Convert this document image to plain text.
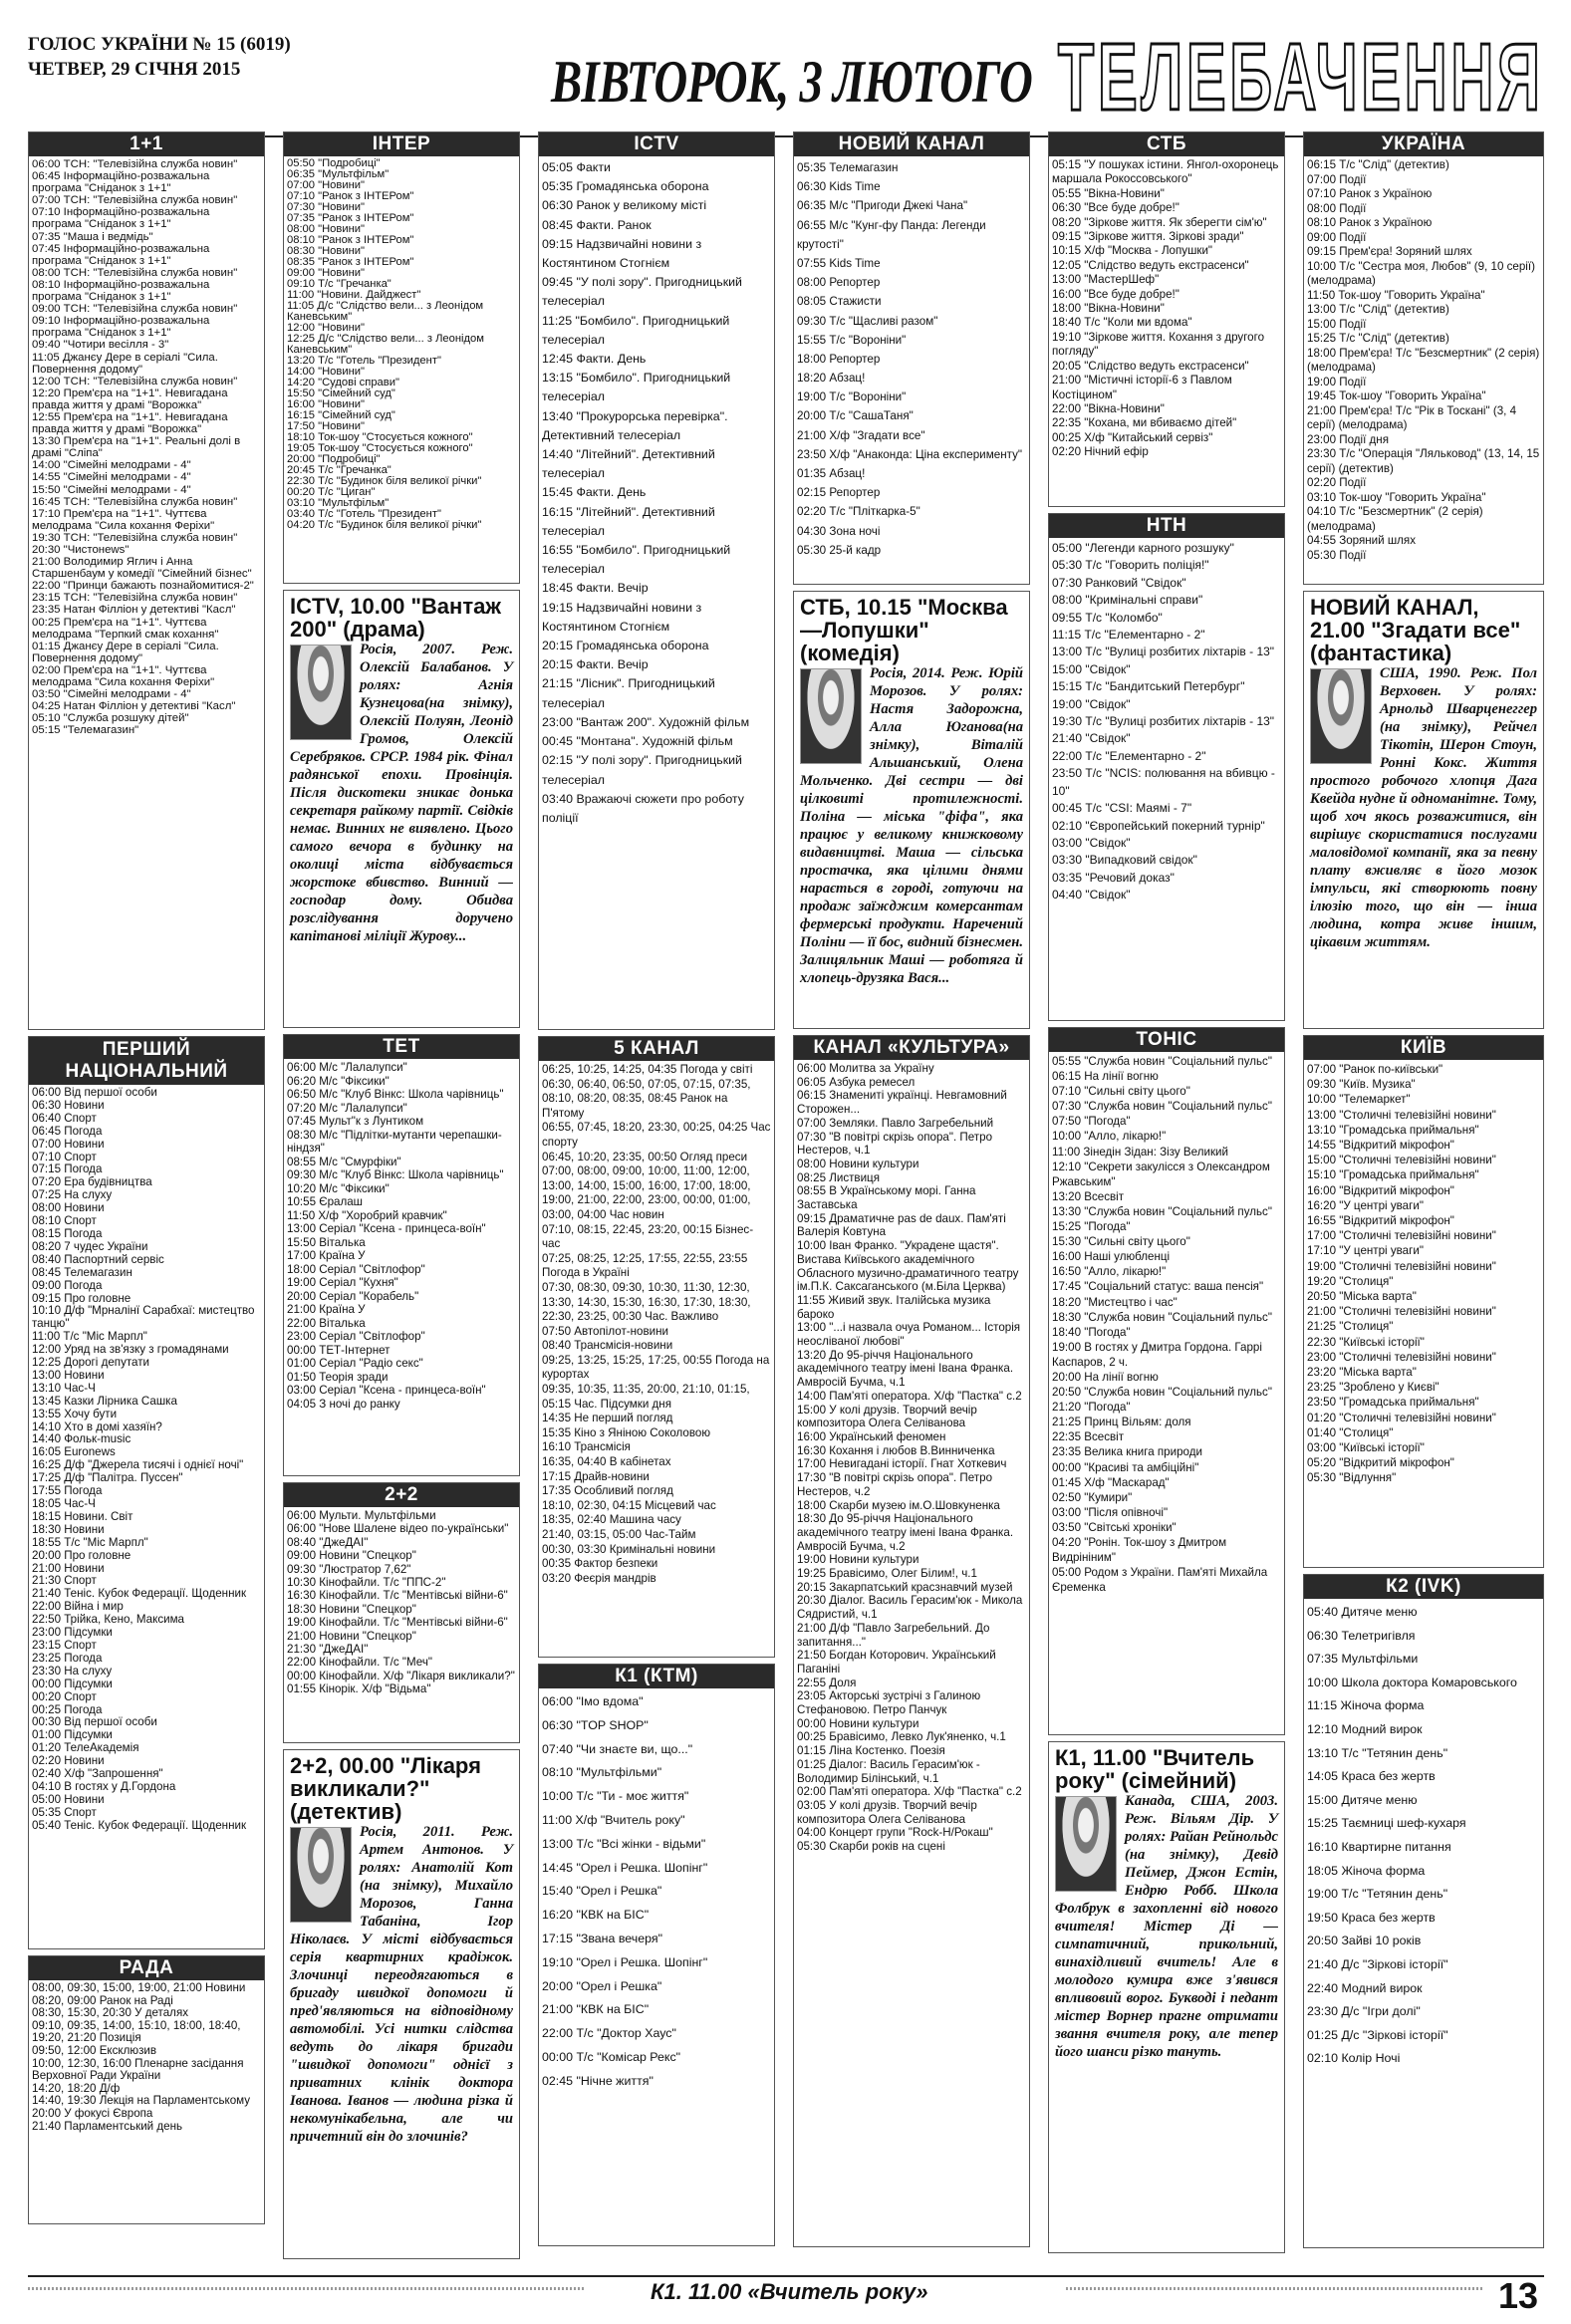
ГОЛОС УКРАЇНИ № 15 (6019)
ЧЕТВЕР, 29 СІЧНЯ 2015	ВІВТОРОК, 3 ЛЮТОГО ТЕЛЕБАЧЕННЯ
1+1
06:00 ТСН: "Телевізійна служба новин"
06:45 Інформаційно-розважальна програма "Сніданок з 1+1"
07:00 ТСН: "Телевізійна служба новин"
07:10 Інформаційно-розважальна програма "Сніданок з 1+1"
07:35 "Маша і ведмідь"
07:45 Інформаційно-розважальна програма "Сніданок з 1+1"
08:00 ТСН: "Телевізійна служба новин"
08:10 Інформаційно-розважальна програма "Сніданок з 1+1"
09:00 ТСН: "Телевізійна служба новин"
09:10 Інформаційно-розважальна програма "Сніданок з 1+1"
09:40 "Чотири весілля - 3"
11:05 Джанєу Дере в серіалі "Сила. Повернення додому"
12:00 ТСН: "Телевізійна служба новин"
12:20 Прем'єра на "1+1". Невигадана правда життя у драмі "Ворожка"
12:55 Прем'єра на "1+1". Невигадана правда життя у драмі "Ворожка"
13:30 Прем'єра на "1+1". Реальні долі в драмі "Сліпа"
14:00 "Сімейні мелодрами - 4"
14:55 "Сімейні мелодрами - 4"
15:50 "Сімейні мелодрами - 4"
16:45 ТСН: "Телевізійна служба новин"
17:10 Прем'єра на "1+1". Чуттєва мелодрама "Сила кохання Феріхи"
19:30 ТСН: "Телевізійна служба новин"
20:30 "Чистонews"
21:00 Володимир Яглич і Анна Старшенбаум у комедії "Сімейний бізнес"
22:00 "Принци бажають познайомитися-2"
23:15 ТСН: "Телевізійна служба новин"
23:35 Натан Філліон у детективі "Касл"
00:25 Прем'єра на "1+1". Чуттєва мелодрама "Терпкий смак кохання"
01:15 Джанєу Дере в серіалі "Сила. Повернення додому"
02:00 Прем'єра на "1+1". Чуттєва мелодрама "Сила кохання Феріхи"
03:50 "Сімейні мелодрами - 4"
04:25 Натан Філліон у детективі "Касл"
05:10 "Служба розшуку дітей"
05:15 "Телемагазин"
ПЕРШИЙ НАЦІОНАЛЬНИЙ
06:00 Від першої особи
06:30 Новини
06:40 Спорт
06:45 Погода
07:00 Новини
07:10 Спорт
07:15 Погода
07:20 Ера будівництва
07:25 На слуху
08:00 Новини
08:10 Спорт
08:15 Погода
08:20 7 чудес України
08:40 Паспортний сервіс
08:45 Телемагазин
09:00 Погода
09:15 Про головне
10:10 Д/ф "Мрналінї Сарабхаї: мистецтво танцю"
11:00 Т/с "Міс Марпл"
12:00 Уряд на зв'язку з громадянами
12:25 Дорогі депутати
13:00 Новини
13:10 Час-Ч
13:45 Казки Лірника Сашка
13:55 Хочу бути
14:10 Хто в домі хазяїн?
14:40 Фольк-music
16:05 Euronews
16:25 Д/ф "Джерела тисячі і однієї ночі"
17:25 Д/ф "Палітра. Пуссен"
17:55 Погода
18:05 Час-Ч
18:15 Новини. Світ
18:30 Новини
18:55 Т/с "Міс Марпл"
20:00 Про головне
21:00 Новини
21:30 Спорт
21:40 Теніс. Кубок Федерації. Щоденник
22:00 Війна і мир
22:50 Трійка, Кено, Максима
23:00 Підсумки
23:15 Спорт
23:25 Погода
23:30 На слуху
00:00 Підсумки
00:20 Спорт
00:25 Погода
00:30 Від першої особи
01:00 Підсумки
01:20 ТелеАкадемія
02:20 Новини
02:40 Х/ф "Запрошення"
04:10 В гостях у Д.Гордона
05:00 Новини
05:35 Спорт
05:40 Теніс. Кубок Федерації. Щоденник
РАДА
08:00, 09:30, 15:00, 19:00, 21:00 Новини
08:20, 09:00 Ранок на Раді
08:30, 15:30, 20:30 У деталях
09:10, 09:35, 14:00, 15:10, 18:00, 18:40, 19:20, 21:20 Позиція
09:50, 12:00 Ексклюзив
10:00, 12:30, 16:00 Пленарне засідання Верховної Ради України
14:20, 18:20 Д/ф
14:40, 19:30 Лекція на Парламентському
20:00 У фокусі Європа
21:40 Парламентський день
ІНТЕР
05:50 "Подробиці"
06:35 "Мультфільм"
07:00 "Новини"
07:10 "Ранок з ІНТЕРом"
07:30 "Новини"
07:35 "Ранок з ІНТЕРом"
08:00 "Новини"
08:10 "Ранок з ІНТЕРом"
08:30 "Новини"
08:35 "Ранок з ІНТЕРом"
09:00 "Новини"
09:10 Т/с "Гречанка"
11:00 "Новини. Дайджест"
11:05 Д/с "Слідство вели... з Леонідом Каневським"
12:00 "Новини"
12:25 Д/с "Слідство вели... з Леонідом Каневським"
13:20 Т/с "Готель "Президент"
14:00 "Новини"
14:20 "Судові справи"
15:50 "Сімейний суд"
16:00 "Новини"
16:15 "Сімейний суд"
17:50 "Новини"
18:10 Ток-шоу "Стосується кожного"
19:05 Ток-шоу "Стосується кожного"
20:00 "Подробиці"
20:45 Т/с "Гречанка"
22:30 Т/с "Будинок біля великої річки"
00:20 Т/с "Циган"
03:10 "Мультфільм"
03:40 Т/с "Готель "Президент"
04:20 Т/с "Будинок біля великої річки"
ICTV, 10.00 "Вантаж 200" (драма)
Росія, 2007. Реж. Олексій Балабанов. У ролях: Агнія Кузнецова(на знімку), Олексій Полуян, Леонід Громов, Олексій Серебряков. СРСР. 1984 рік. Фінал радянської епохи. Провінція. Після дискотеки зникає донька секретаря райкому партії. Свідків немає. Винних не виявлено. Цього самого вечора в будинку на околиці міста відбувається жорстоке вбивство. Винний — господар дому. Обидва розслідування доручено капітанові міліції Журову...
ТЕТ
06:00 М/с "Лалалупси"
06:20 М/с "Фіксики"
06:50 М/с "Клуб Вінкс: Школа чарівниць"
07:20 М/с "Лалалупси"
07:45 Мульт"к з Лунтиком
08:30 М/с "Підлітки-мутанти черепашки-ніндзя"
08:55 М/с "Смурфіки"
09:30 М/с "Клуб Вінкс: Школа чарівниць"
10:20 М/с "Фіксики"
10:55 Єралаш
11:50 Х/ф "Хоробрий кравчик"
13:00 Серіал "Ксена - принцеса-воїн"
15:50 Віталька
17:00 Країна У
18:00 Серіал "Світлофор"
19:00 Серіал "Кухня"
20:00 Серіал "Корабель"
21:00 Країна У
22:00 Віталька
23:00 Серіал "Світлофор"
00:00 ТЕТ-Інтернет
01:00 Серіал "Радіо секс"
01:50 Теорія зради
03:00 Серіал "Ксена - принцеса-воїн"
04:05 З ночі до ранку
2+2
06:00 Мульти. Мультфільми
06:00 "Нове Шалене відео по-українськи"
08:40 "ДжеДАІ"
09:00 Новини "Спецкор"
09:30 "Люстратор 7,62"
10:30 Кінофайли. Т/с "ППС-2"
16:30 Кінофайли. Т/с "Ментівські війни-6"
18:30 Новини "Спецкор"
19:00 Кінофайли. Т/с "Ментівські війни-6"
21:00 Новини "Спецкор"
21:30 "ДжеДАІ"
22:00 Кінофайли. Т/с "Меч"
00:00 Кінофайли. Х/ф "Лікаря викликали?"
01:55 Кінорік. Х/ф "Відьма"
2+2, 00.00 "Лікаря викликали?" (детектив)
Росія, 2011. Реж. Артем Антонов. У ролях: Анатолій Кот (на знімку), Михайло Морозов, Ганна Табаніна, Ігор Ніколаєв. У місті відбувається серія квартирних крадіжок. Злочинці переодягаються в бригаду швидкої допомоги й пред'являються на відповідному автомобілі. Усі нитки слідства ведуть до лікаря бригади "швидкої допомоги" однієї з приватних клінік доктора Іванова. Іванов — людина різка й некомунікабельна, але чи причетний він до злочинів?
ICTV
05:05 Факти
05:35 Громадянська оборона
06:30 Ранок у великому місті
08:45 Факти. Ранок
09:15 Надзвичайні новини з Костянтином Стогнієм
09:45 "У полі зору". Пригодницький телесеріал
11:25 "Бомбило". Пригодницький телесеріал
12:45 Факти. День
13:15 "Бомбило". Пригодницький телесеріал
13:40 "Прокурорська перевірка". Детективний телесеріал
14:40 "Літейний". Детективний телесеріал
15:45 Факти. День
16:15 "Літейний". Детективний телесеріал
16:55 "Бомбило". Пригодницький телесеріал
18:45 Факти. Вечір
19:15 Надзвичайні новини з Костянтином Стогнієм
20:15 Громадянська оборона
20:15 Факти. Вечір
21:15 "Лісник". Пригодницький телесеріал
23:00 "Вантаж 200". Художній фільм
00:45 "Монтана". Художній фільм
02:15 "У полі зору". Пригодницький телесеріал
03:40 Вражаючі сюжети про роботу поліції
5 КАНАЛ
06:25, 10:25, 14:25, 04:35 Погода у світі
06:30, 06:40, 06:50, 07:05, 07:15, 07:35, 08:10, 08:20, 08:35, 08:45 Ранок на П'ятому
06:55, 07:45, 18:20, 23:30, 00:25, 04:25 Час спорту
06:45, 10:20, 23:35, 00:50 Огляд преси
07:00, 08:00, 09:00, 10:00, 11:00, 12:00, 13:00, 14:00, 15:00, 16:00, 17:00, 18:00, 19:00, 21:00, 22:00, 23:00, 00:00, 01:00, 03:00, 04:00 Час новин
07:10, 08:15, 22:45, 23:20, 00:15 Бізнес-час
07:25, 08:25, 12:25, 17:55, 22:55, 23:55 Погода в Україні
07:30, 08:30, 09:30, 10:30, 11:30, 12:30, 13:30, 14:30, 15:30, 16:30, 17:30, 18:30, 22:30, 23:25, 00:30 Час. Важливо
07:50 Автопілот-новини
08:40 Трансмісія-новини
09:25, 13:25, 15:25, 17:25, 00:55 Погода на курортах
09:35, 10:35, 11:35, 20:00, 21:10, 01:15, 05:15 Час. Підсумки дня
14:35 Не перший погляд
15:35 Кіно з Яніною Соколовою
16:10 Трансмісія
16:35, 04:40 В кабінетах
17:15 Драйв-новини
17:35 Особливий погляд
18:10, 02:30, 04:15 Місцевий час
18:35, 02:40 Машина часу
21:40, 03:15, 05:00 Час-Тайм
00:30, 03:30 Кримінальні новини
00:35 Фактор безпеки
03:20 Феєрія мандрів
К1 (КТМ)
06:00 "Імо вдома"
06:30 "TOP SHOP"
07:40 "Чи знаєте ви, що..."
08:10 "Мультфільми"
10:00 Т/с "Ти - моє життя"
11:00 Х/ф "Вчитель року"
13:00 Т/с "Всі жінки - відьми"
14:45 "Орел і Решка. Шопінг"
15:40 "Орел і Решка"
16:20 "КВК на БІС"
17:15 "Звана вечеря"
19:10 "Орел і Решка. Шопінг"
20:00 "Орел і Решка"
21:00 "КВК на БІС"
22:00 Т/с "Доктор Хаус"
00:00 Т/с "Комісар Рекс"
02:45 "Нічне життя"
НОВИЙ КАНАЛ
05:35 Телемагазин
06:30 Kids Time
06:35 М/с "Пригоди Джекі Чана"
06:55 М/с "Кунг-фу Панда: Легенди крутості"
07:55 Kids Time
08:00 Репортер
08:05 Стажисти
09:30 Т/с "Щасливі разом"
15:55 Т/с "Вороніни"
18:00 Репортер
18:20 Абзац!
19:00 Т/с "Вороніни"
20:00 Т/с "СашаТаня"
21:00 Х/ф "Згадати все"
23:50 Х/ф "Анаконда: Ціна експерименту"
01:35 Абзац!
02:15 Репортер
02:20 Т/с "Пліткарка-5"
04:30 Зона ночі
05:30 25-й кадр
СТБ, 10.15 "Москва—Лопушки" (комедія)
Росія, 2014. Реж. Юрій Морозов. У ролях: Настя Задорожна, Алла Юганова(на знімку), Віталій Альшанський, Олена Мольченко. Дві сестри — дві цілковиті протилежності. Поліна — міська "фіфа", яка працює у великому книжковому видавництві. Маша — сільська простачка, яка цілими днями нарається в городі, готуючи на продаж заїжджим комерсантам фермерські продукти. Наречений Поліни — її бос, видний бізнесмен. Залицяльник Маші — роботяга й хлопець-друзяка Вася...
КАНАЛ «КУЛЬТУРА»
06:00 Молитва за Україну
06:05 Азбука ремесел
06:15 Знамениті українці. Невгамовний Сторожен...
07:00 Земляки. Павло Загребельний
07:30 "В повітрі скрізь опора". Петро Нестеров, ч.1
08:00 Новини культури
08:25 Листвиця
08:55 В Українському морі. Ганна Заставська
09:15 Драматичне pas de daux. Пам'яті Валерія Ковтуна
10:00 Іван Франко. "Украдене щастя". Вистава Київського академічного Обласного музично-драматичного театру ім.П.К. Саксаганського (м.Біла Церква)
11:55 Живий звук. Італійська музика бароко
13:00 "...і назвала очуа Романом... Історія неосліваної любові"
13:20 До 95-річчя Національного академічного театру імені Івана Франка. Амвросій Бучма, ч.1
14:00 Пам'яті оператора. Х/ф "Пастка" с.2
15:00 У колі друзів. Творчий вечір композитора Олега Селіванова
16:00 Український феномен
16:30 Кохання і любов В.Винниченка
17:00 Невигадані історії. Гнат Хоткевич
17:30 "В повітрі скрізь опора". Петро Нестеров, ч.2
18:00 Скарби музею ім.О.Шовкуненка
18:30 До 95-річчя Національного академічного театру імені Івана Франка. Амвросій Бучма, ч.2
19:00 Новини культури
19:25 Бравісимо, Олег Білим!, ч.1
20:15 Закарпатський красзнавчий музей
20:30 Діалог. Василь Герасим'юк - Микола Сядристий, ч.1
21:00 Д/ф "Павло Загребельний. До запитання..."
21:50 Богдан Которович. Український Паганіні
22:55 Доля
23:05 Акторські зустрічі з Галиною Стефановою. Петро Панчук
00:00 Новини культури
00:25 Бравісимо, Левко Лук'яненко, ч.1
01:15 Ліна Костенко. Поезія
01:25 Діалог: Василь Герасим'юк - Володимир Білінський, ч.1
02:00 Пам'яті оператора. Х/ф "Пастка" с.2
03:05 У колі друзів. Творчий вечір композитора Олега Селіванова
04:00 Концерт групи "Rock-Н/Рокаш"
05:30 Скарби років на сцені
СТБ
05:15 "У пошуках істини. Янгол-охоронець маршала Рокоссовського"
05:55 "Вікна-Новини"
06:30 "Все буде добре!"
08:20 "Зіркове життя. Як зберегти сім'ю"
09:15 "Зіркове життя. Зіркові зради"
10:15 Х/ф "Москва - Лопушки"
12:05 "Слідство ведуть екстрасенси"
13:00 "МастерШеф"
16:00 "Все буде добре!"
18:00 "Вікна-Новини"
18:40 Т/с "Коли ми вдома"
19:10 "Зіркове життя. Кохання з другого погляду"
20:05 "Слідство ведуть екстрасенси"
21:00 "Містичні історії-6 з Павлом Костіцином"
22:00 "Вікна-Новини"
22:35 "Кохана, ми вбиваємо дітей"
00:25 Х/ф "Китайський сервіз"
02:20 Нічний ефір
НТН
05:00 "Легенди карного розшуку"
05:30 Т/с "Говорить поліція!"
07:30 Ранковий "Свідок"
08:00 "Кримінальні справи"
09:55 Т/с "Коломбо"
11:15 Т/с "Елементарно - 2"
13:00 Т/с "Вулиці розбитих ліхтарів - 13"
15:00 "Свідок"
15:15 Т/с "Бандитський Петербург"
19:00 "Свідок"
19:30 Т/с "Вулиці розбитих ліхтарів - 13"
21:40 "Свідок"
22:00 Т/с "Елементарно - 2"
23:50 Т/с "NCIS: полювання на вбивцю - 10"
00:45 Т/с "CSI: Маямі - 7"
02:10 "Європейський покерний турнір"
03:00 "Свідок"
03:30 "Випадковий свідок"
03:35 "Речовий доказ"
04:40 "Свідок"
ТОНІС
05:55 "Служба новин "Соціальний пульс"
06:15 На лінії вогню
07:10 "Сильні світу цього"
07:30 "Служба новин "Соціальний пульс"
07:50 "Погода"
10:00 "Алло, лікарю!"
11:00 Зінедін Зідан: Зізу Великий
12:10 "Секрети закулісся з Олександром Ржавським"
13:20 Всесвіт
13:30 "Служба новин "Соціальний пульс"
15:25 "Погода"
15:30 "Сильні світу цього"
16:00 Наші улюбленці
16:50 "Алло, лікарю!"
17:45 "Соціальний статус: ваша пенсія"
18:20 "Мистецтво і час"
18:30 "Служба новин "Соціальний пульс"
18:40 "Погода"
19:00 В гостях у Дмитра Гордона. Гаррі Каспаров, 2 ч.
20:00 На лінії вогню
20:50 "Служба новин "Соціальний пульс"
21:20 "Погода"
21:25 Принц Вільям: доля
22:35 Всесвіт
23:35 Велика книга природи
00:00 "Красиві та амбіційні"
01:45 Х/ф "Маскарад"
02:50 "Кумири"
03:00 "Після опівночі"
03:50 "Світські хроніки"
04:20 "Ронін. Ток-шоу з Дмитром Видрініним"
05:00 Родом з України. Пам'яті Михайла Єременка
К1, 11.00 "Вчитель року" (сімейний)
Канада, США, 2003. Реж. Вільям Дір. У ролях: Райан Рейнольдс (на знімку), Девід Пеймер, Джон Естін, Ендрю Робб. Школа Фолбрук в захопленні від нового вчителя! Містер Ді — симпатичний, прикольний, винахідливий вчитель! Але в молодого кумира вже з'явився впливовий ворог. Букводі і педант містер Ворнер прагне отримати звання вчителя року, але тепер його шанси різко тануть.
УКРАЇНА
06:15 Т/с "Слід" (детектив)
07:00 Події
07:10 Ранок з Україною
08:00 Події
08:10 Ранок з Україною
09:00 Події
09:15 Прем'єра! Зоряний шлях
10:00 Т/с "Сестра моя, Любов" (9, 10 серії) (мелодрама)
11:50 Ток-шоу "Говорить Україна"
13:00 Т/с "Слід" (детектив)
15:00 Події
15:25 Т/с "Слід" (детектив)
18:00 Прем'єра! Т/с "Безсмертник" (2 серія) (мелодрама)
19:00 Події
19:45 Ток-шоу "Говорить Україна"
21:00 Прем'єра! Т/с "Рік в Тоскані" (3, 4 серії) (мелодрама)
23:00 Події дня
23:30 Т/с "Операція "Ляльковод" (13, 14, 15 серії) (детектив)
02:20 Події
03:10 Ток-шоу "Говорить Україна"
04:10 Т/с "Безсмертник" (2 серія) (мелодрама)
04:55 Зоряний шлях
05:30 Події
НОВИЙ КАНАЛ, 21.00 "Згадати все" (фантастика)
США, 1990. Реж. Пол Верховен. У ролях: Арнольд Шварценеггер (на знімку), Рейчел Тікотін, Шерон Стоун, Ронні Кокс. Життя простого робочого хлопця Дага Квейда нудне й одноманітне. Тому, щоб хоч якось розважитися, він вирішує скористатися послугами маловідомої компанії, яка за певну плату вживляє в його мозок імпульси, які створюють повну ілюзію того, що він — інша людина, котра живе іншим, цікавим життям.
КИЇВ
07:00 "Ранок по-київськи"
09:30 "Київ. Музика"
10:00 "Телемаркет"
13:00 "Столичні телевізійні новини"
13:10 "Громадська приймальня"
14:55 "Відкритий мікрофон"
15:00 "Столичні телевізійні новини"
15:10 "Громадська приймальня"
16:00 "Відкритий мікрофон"
16:20 "У центрі уваги"
16:55 "Відкритий мікрофон"
17:00 "Столичні телевізійні новини"
17:10 "У центрі уваги"
19:00 "Столичні телевізійні новини"
19:20 "Столиця"
20:50 "Міська варта"
21:00 "Столичні телевізійні новини"
21:25 "Столиця"
22:30 "Київські історії"
23:00 "Столичні телевізійні новини"
23:20 "Міська варта"
23:25 "Зроблено у Києві"
23:50 "Громадська приймальня"
01:20 "Столичні телевізійні новини"
01:40 "Столиця"
03:00 "Київські історії"
05:20 "Відкритий мікрофон"
05:30 "Відлуння"
К2 (IVK)
05:40 Дитяче меню
06:30 Телетригівля
07:35 Мультфільми
10:00 Школа доктора Комаровського
11:15 Жіноча форма
12:10 Модний вирок
13:10 Т/с "Тетянин день"
14:05 Краса без жертв
15:00 Дитяче меню
15:25 Таємниці шеф-кухаря
16:10 Квартирне питання
18:05 Жіноча форма
19:00 Т/с "Тетянин день"
19:50 Краса без жертв
20:50 Зайві 10 років
21:40 Д/с "Зіркові історії"
22:40 Модний вирок
23:30 Д/с "Ігри долі"
01:25 Д/с "Зіркові історії"
02:10 Колір Ночі
К1. 11.00 «Вчитель року»	13
